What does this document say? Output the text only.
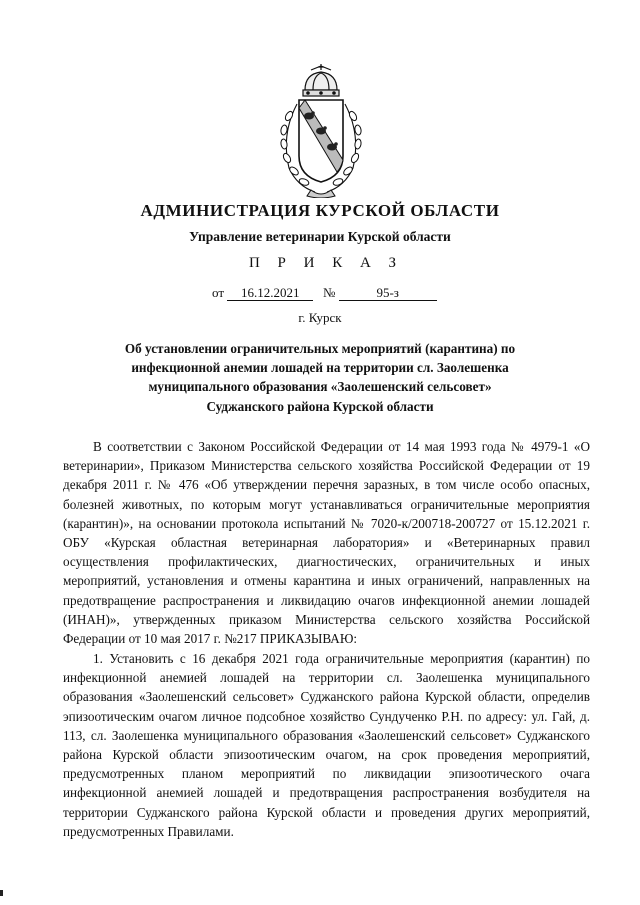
АДМИНИСТРАЦИЯ КУРСКОЙ ОБЛАСТИ
Управление ветеринарии Курской области
П Р И К А З
от 16.12.2021 №	95-з
г. Курск
Об установлении ограничительных мероприятий (карантина) по
инфекционной анемии лошадей на территории сл. Заолешенка
муниципального образования «Заолешенский сельсовет»
Суджанского района Курской области
В соответствии с Законом Российской Федерации от 14 мая 1993 года № 4979-1 «О ветеринарии», Приказом Министерства сельского хозяйства Российской Федерации от 19 декабря 2011 г. № 476 «Об утверждении перечня заразных, в том числе особо опасных, болезней животных, по которым могут устанавливаться ограничительные мероприятия (карантин)», на основании протокола испытаний № 7020-к/200718-200727 от 15.12.2021 г. ОБУ «Курская областная ветеринарная лаборатория» и «Ветеринарных правил осуществления профилактических, диагностических, ограничительных и иных мероприятий, установления и отмены карантина и иных ограничений, направленных на предотвращение распространения и ликвидацию очагов инфекционной анемии лошадей (ИНАН)», утвержденных приказом Министерства сельского хозяйства Российской Федерации от 10 мая 2017 г. №217 ПРИКАЗЫВАЮ:
1. Установить с 16 декабря 2021 года ограничительные мероприятия (карантин) по инфекционной анемией лошадей на территории сл. Заолешенка муниципального образования «Заолешенский сельсовет» Суджанского района Курской области, определив эпизоотическим очагом личное подсобное хозяйство Сундученко Р.Н. по адресу: ул. Гай, д. 113, сл. Заолешенка муниципального образования «Заолешенский сельсовет» Суджанского района Курской области эпизоотическим очагом, на срок проведения мероприятий, предусмотренных планом мероприятий по ликвидации эпизоотического очага инфекционной анемией лошадей и предотвращения распространения возбудителя на территории Суджанского района Курской области и проведения других мероприятий, предусмотренных Правилами.
